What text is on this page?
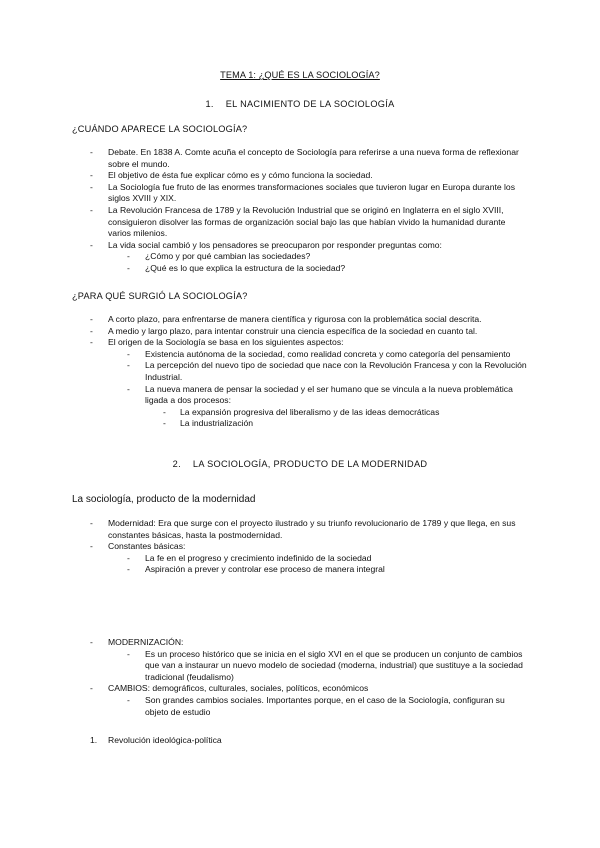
TEMA 1: ¿QUÉ ES LA SOCIOLOGÍA?
1. EL NACIMIENTO DE LA SOCIOLOGÍA
¿CUÁNDO APARECE LA SOCIOLOGÍA?
- Debate. En 1838 A. Comte acuña el concepto de Sociología para referirse a una nueva forma de reflexionar sobre el mundo.
- El objetivo de ésta fue explicar cómo es y cómo funciona la sociedad.
- La Sociología fue fruto de las enormes transformaciones sociales que tuvieron lugar en Europa durante los siglos XVIII y XIX.
- La Revolución Francesa de 1789 y la Revolución Industrial que se originó en Inglaterra en el siglo XVIII, consiguieron disolver las formas de organización social bajo las que habían vivido la humanidad durante varios milenios.
- La vida social cambió y los pensadores se preocuparon por responder preguntas como:
- ¿Cómo y por qué cambian las sociedades?
- ¿Qué es lo que explica la estructura de la sociedad?
¿PARA QUÉ SURGIÓ LA SOCIOLOGÍA?
- A corto plazo, para enfrentarse de manera científica y rigurosa con la problemática social descrita.
- A medio y largo plazo, para intentar construir una ciencia específica de la sociedad en cuanto tal.
- El origen de la Sociología se basa en los siguientes aspectos:
- Existencia autónoma de la sociedad, como realidad concreta y como categoría del pensamiento
- La percepción del nuevo tipo de sociedad que nace con la Revolución Francesa y con la Revolución Industrial.
- La nueva manera de pensar la sociedad y el ser humano que se vincula a la nueva problemática ligada a dos procesos:
- La expansión progresiva del liberalismo y de las ideas democráticas
- La industrialización
2. LA SOCIOLOGÍA, PRODUCTO DE LA MODERNIDAD
La sociología, producto de la modernidad
- Modernidad: Era que surge con el proyecto ilustrado y su triunfo revolucionario de 1789 y que llega, en sus constantes básicas, hasta la postmodernidad.
- Constantes básicas:
- La fe en el progreso y crecimiento indefinido de la sociedad
- Aspiración a prever y controlar ese proceso de manera integral
- MODERNIZACIÓN:
- Es un proceso histórico que se inicia en el siglo XVI en el que se producen un conjunto de cambios que van a instaurar un nuevo modelo de sociedad (moderna, industrial) que sustituye a la sociedad tradicional (feudalismo)
- CAMBIOS: demográficos, culturales, sociales, políticos, económicos
- Son grandes cambios sociales. Importantes porque, en el caso de la Sociología, configuran su objeto de estudio
1. Revolución ideológica-política
